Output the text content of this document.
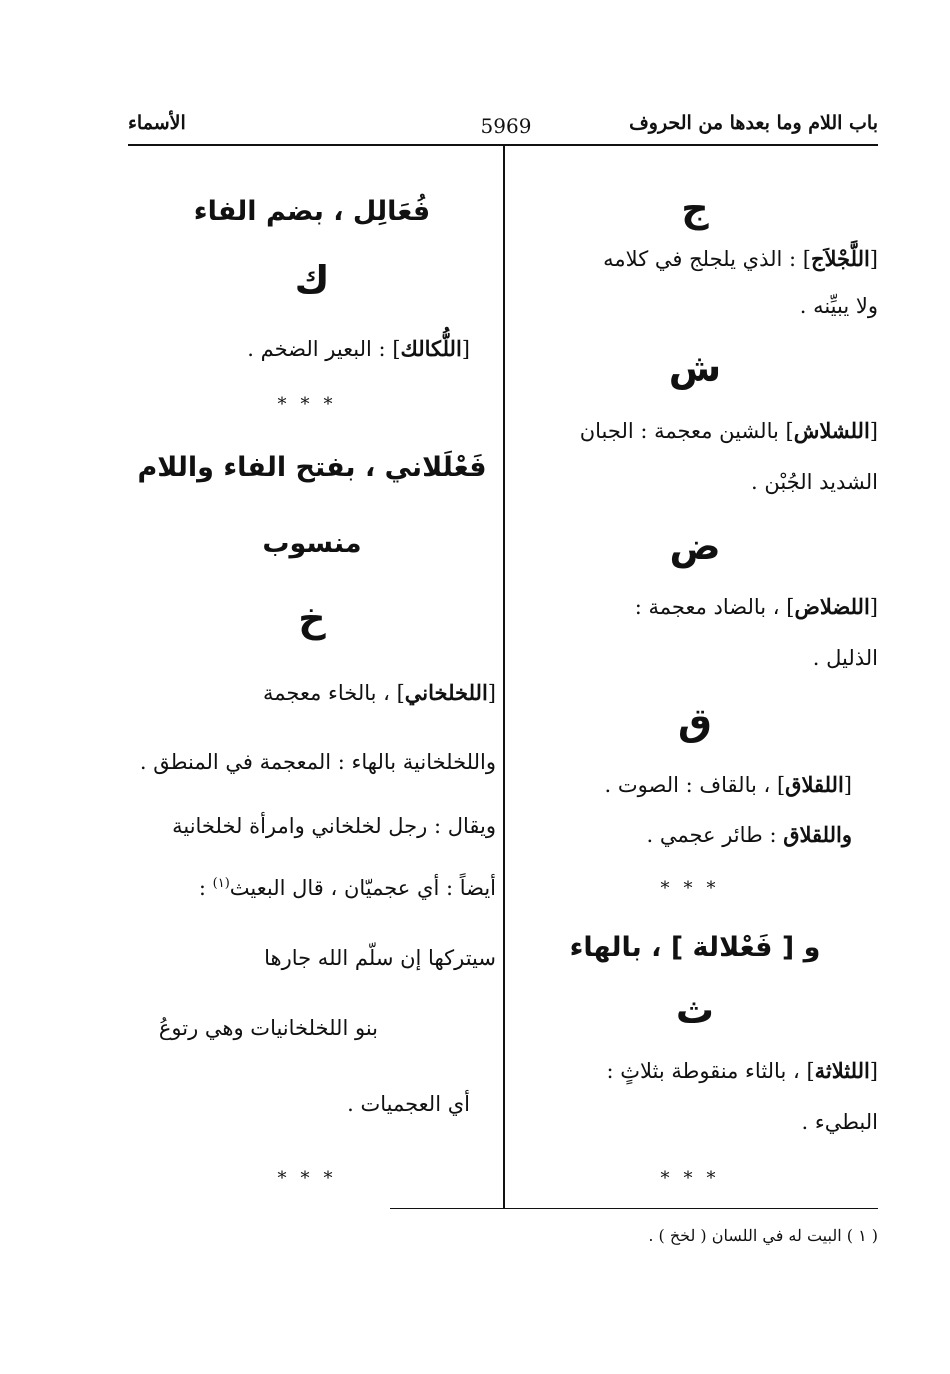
باب اللام وما بعدها من الحروف
5969
الأسماء
ج
[اللَّجْلاَج] : الذي يلجلج في كلامه
ولا يبيِّنه .
ش
[اللشلاش] بالشين معجمة : الجبان
الشديد الجُبْن .
ض
[اللضلاض] ، بالضاد معجمة :
الذليل .
ق
[اللقلاق] ، بالقاف : الصوت .
واللقلاق : طائر عجمي .
***
و [ فَعْلالة ] ، بالهاء
ث
[اللثلاثة] ، بالثاء منقوطة بثلاثٍ :
البطيء .
***
فُعَالِل ، بضم الفاء
ك
[اللُّكالك] : البعير الضخم .
***
فَعْلَلاني ، بفتح الفاء واللام
منسوب
خ
[اللخلخاني] ، بالخاء معجمة
واللخلخانية بالهاء : المعجمة في المنطق .
ويقال : رجل لخلخاني وامرأة لخلخانية
أيضاً : أي عجميّان ، قال البعيث$^{(١)}$ :
سيتركها إن سلّم الله جارها
بنو اللخلخانيات وهي رتوعُ
أي العجميات .
***
( ١ ) البيت له في اللسان ( لخخ ) .
